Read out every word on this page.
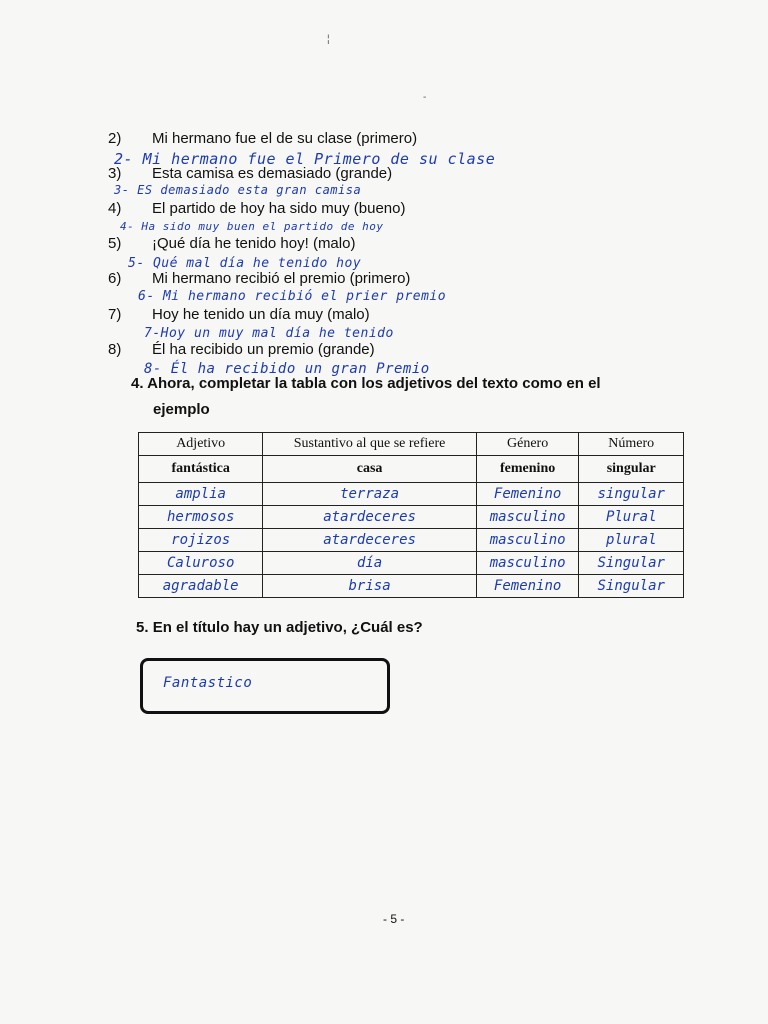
¦
-
2) Mi hermano fue el de su clase (primero)
2- Mi hermano fue el Primero de su clase
3) Esta camisa es demasiado (grande)
3- ES demasiado esta gran camisa
4) El partido de hoy ha sido muy (bueno)
4- Ha sido muy buen el partido de hoy
5) ¡Qué día he tenido hoy! (malo)
5- Qué mal día he tenido hoy
6) Mi hermano recibió el premio (primero)
6- Mi hermano recibió el prier premio
7) Hoy he tenido un día muy (malo)
7-Hoy un muy mal día he tenido
8) Él ha recibido un premio (grande)
8- Él ha recibido un gran Premio
4. Ahora, completar la tabla con los adjetivos del texto como en el
ejemplo
Adjetivo	Sustantivo al que se refiere	Género	Número
fantástica	casa	femenino	singular
amplia	terraza	Femenino	singular
hermosos	atardeceres	masculino	Plural
rojizos	atardeceres	masculino	plural
Caluroso	día	masculino	Singular
agradable	brisa	Femenino	Singular
5. En el título hay un adjetivo, ¿Cuál es?
Fantastico
- 5 -
